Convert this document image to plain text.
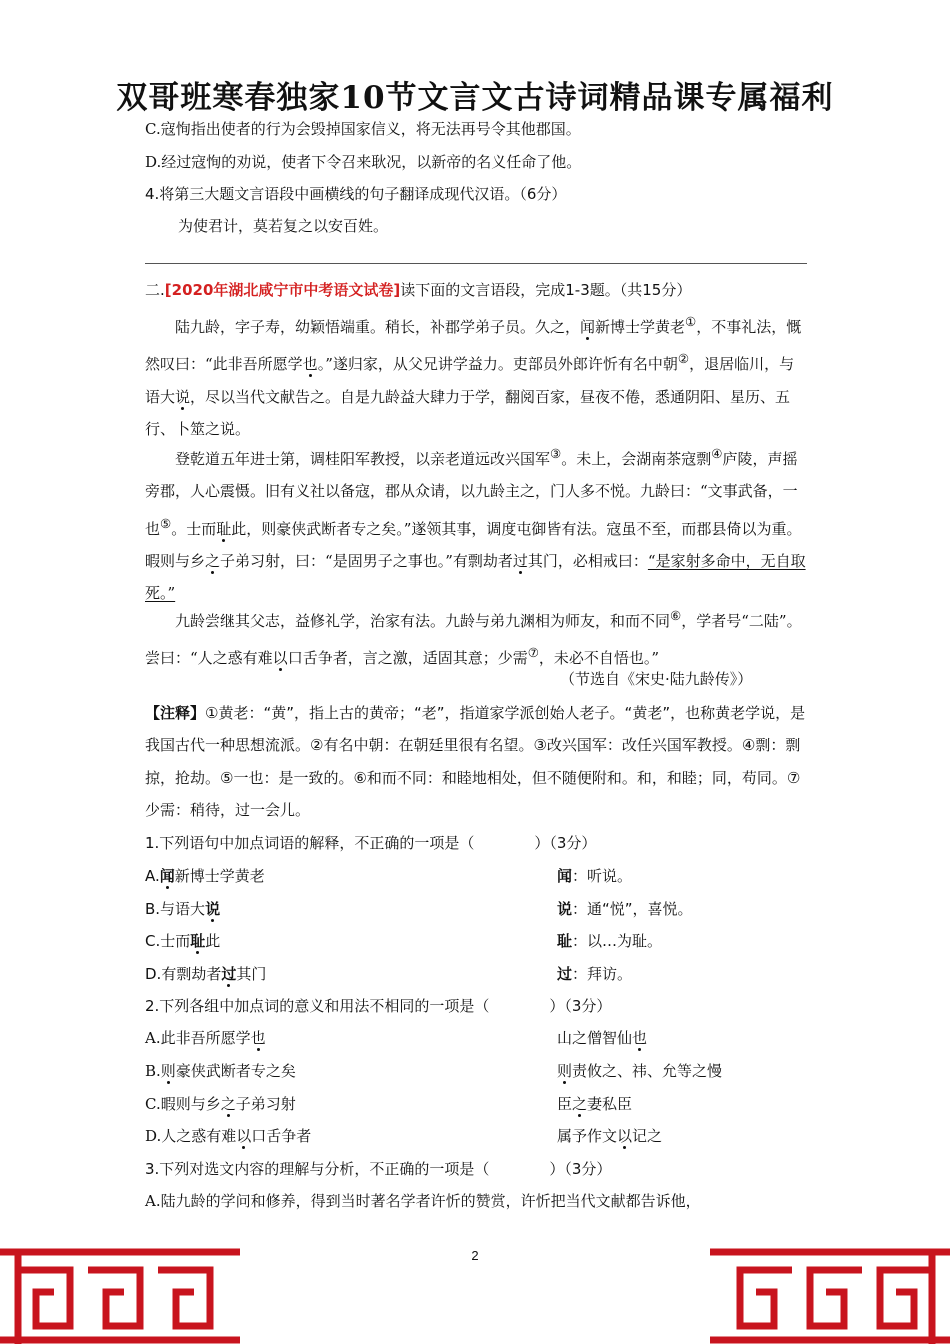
双哥班寒春独家10节文言文古诗词精品课专属福利
C.寇恂指出使者的行为会毁掉国家信义，将无法再号令其他郡国。
D.经过寇恂的劝说，使者下令召来耿况，以新帝的名义任命了他。
4.将第三大题文言语段中画横线的句子翻译成现代汉语。（6分）
为使君计，莫若复之以安百姓。
二.[2020年湖北咸宁市中考语文试卷]读下面的文言语段，完成1-3题。（共15分）
陆九龄，字子寿，幼颖悟端重。稍长，补郡学弟子员。久之，闻新博士学黄老①，不事礼法，慨然叹曰：“此非吾所愿学也。”遂归家，从父兄讲学益力。吏部员外郎许忻有名中朝②，退居临川，与语大说，尽以当代文献告之。自是九龄益大肆力于学，翻阅百家，昼夜不倦，悉通阴阳、星历、五行、卜筮之说。
登乾道五年进士第，调桂阳军教授，以亲老道远改兴国军③。未上，会湖南茶寇剽④庐陵，声摇旁郡，人心震慑。旧有义社以备寇，郡从众请，以九龄主之，门人多不悦。九龄曰：“文事武备，一也⑤。士而耻此，则豪侠武断者专之矣。”遂领其事，调度屯御皆有法。寇虽不至，而郡县倚以为重。暇则与乡之子弟习射，曰：“是固男子之事也。”有剽劫者过其门，必相戒曰：“是家射多命中，无自取死。”
九龄尝继其父志，益修礼学，治家有法。九龄与弟九渊相为师友，和而不同⑥，学者号“二陆”。尝曰：“人之惑有难以口舌争者，言之激，适固其意；少需⑦，未必不自悟也。”
（节选自《宋史·陆九龄传》）
【注释】①黄老：“黄”，指上古的黄帝；“老”，指道家学派创始人老子。“黄老”，也称黄老学说，是我国古代一种思想流派。②有名中朝：在朝廷里很有名望。③改兴国军：改任兴国军教授。④剽：剽掠，抢劫。⑤一也：是一致的。⑥和而不同：和睦地相处，但不随便附和。和，和睦；同，苟同。⑦少需：稍待，过一会儿。
1.下列语句中加点词语的解释，不正确的一项是（　　　　）（3分）
A.闻新博士学黄老	闻：听说。
B.与语大说	说：通“悦”，喜悦。
C.士而耻此	耻：以…为耻。
D.有剽劫者过其门	过：拜访。
2.下列各组中加点词的意义和用法不相同的一项是（　　　　）（3分）
A.此非吾所愿学也	山之僧智仙也
B.则豪侠武断者专之矣	则责攸之、祎、允等之慢
C.暇则与乡之子弟习射	臣之妻私臣
D.人之惑有难以口舌争者	属予作文以记之
3.下列对选文内容的理解与分析，不正确的一项是（　　　　）（3分）
A.陆九龄的学问和修养，得到当时著名学者许忻的赞赏，许忻把当代文献都告诉他，
2
